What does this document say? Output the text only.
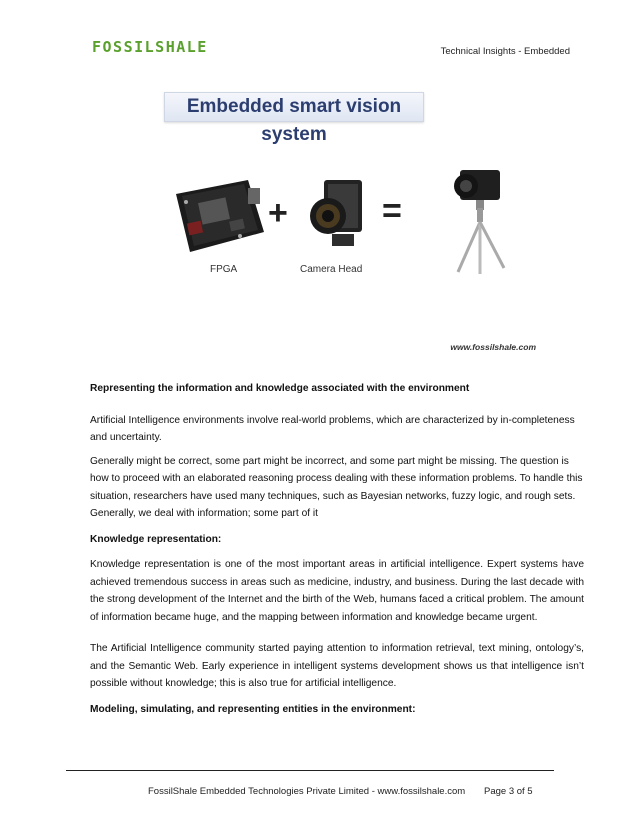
FOSSILSHALE	Technical Insights - Embedded
Embedded smart vision system
FPGA
+
Camera Head
=
www.fossilshale.com

Representing the information and knowledge associated with the environment

Artificial Intelligence environments involve real-world problems, which are characterized by in-completeness and uncertainty.

Generally might be correct, some part might be incorrect, and some part might be missing. The question is how to proceed with an elaborated reasoning process dealing with these information problems. To handle this situation, researchers have used many techniques, such as Bayesian networks, fuzzy logic, and rough sets. Generally, we deal with information; some part of it

Knowledge representation:

Knowledge representation is one of the most important areas in artificial intelligence. Expert systems have achieved tremendous success in areas such as medicine, industry, and business. During the last decade with the strong development of the Internet and the birth of the Web, humans faced a critical problem. The amount of information became huge, and the mapping between information and knowledge became urgent.

The Artificial Intelligence community started paying attention to information retrieval, text mining, ontology’s, and the Semantic Web. Early experience in intelligent systems development shows us that intelligence isn’t possible without knowledge; this is also true for artificial intelligence.

Modeling, simulating, and representing entities in the environment:

FossilShale Embedded Technologies Private Limited - www.fossilshale.com Page 3 of 5
